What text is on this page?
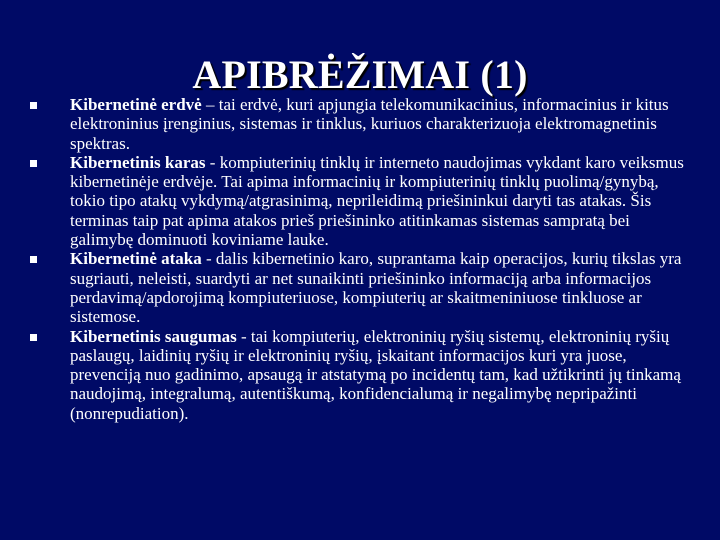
APIBRĖŽIMAI (1)
Kibernetinė erdvė – tai erdvė, kuri apjungia telekomunikacinius, informacinius ir kitus elektroninius įrenginius, sistemas ir tinklus, kuriuos charakterizuoja elektromagnetinis spektras.
Kibernetinis karas - kompiuterinių tinklų ir interneto naudojimas vykdant karo veiksmus kibernetinėje erdvėje. Tai apima informacinių ir kompiuterinių tinklų puolimą/gynybą, tokio tipo atakų vykdymą/atgrasinimą, neprileidimą priešininkui daryti tas atakas. Šis terminas taip pat apima atakos prieš priešininko atitinkamas sistemas sampratą bei galimybę dominuoti koviniame lauke.
Kibernetinė ataka - dalis kibernetinio karo, suprantama kaip operacijos, kurių tikslas yra sugriauti, neleisti, suardyti ar net sunaikinti priešininko informaciją arba informacijos perdavimą/apdorojimą kompiuteriuose, kompiuterių ar skaitmeniniuose tinkluose ar sistemose.
Kibernetinis saugumas - tai kompiuterių, elektroninių ryšių sistemų, elektroninių ryšių paslaugų, laidinių ryšių ir elektroninių ryšių, įskaitant informacijos kuri yra juose, prevenciją nuo gadinimo, apsaugą ir atstatymą po incidentų tam, kad užtikrinti jų tinkamą naudojimą, integralumą, autentiškumą, konfidencialumą ir negalimybę nepripažinti (nonrepudiation).
